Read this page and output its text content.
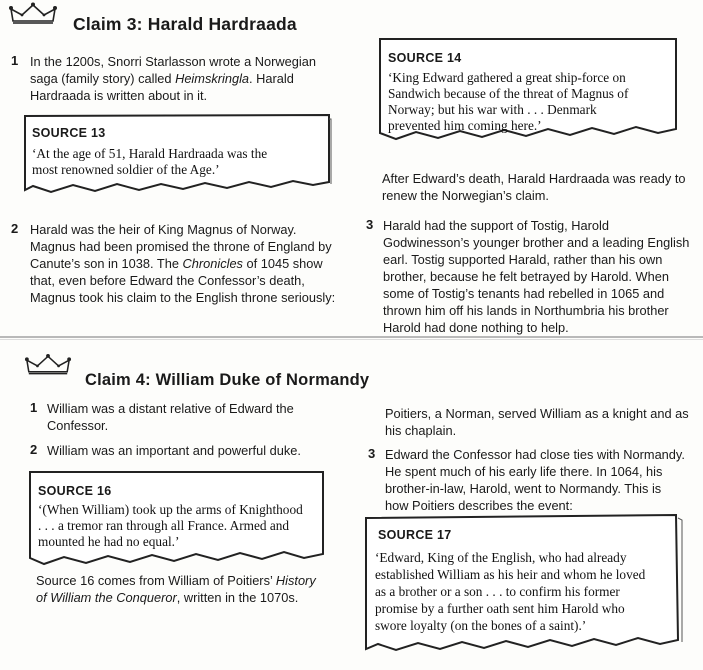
Claim 3: Harald Hardraada
1 In the 1200s, Snorri Starlasson wrote a Norwegian
saga (family story) called Heimskringla. Harald
Hardraada is written about in it.
SOURCE 13
‘At the age of 51, Harald Hardraada was the
most renowned soldier of the Age.’
2 Harald was the heir of King Magnus of Norway.
Magnus had been promised the throne of England by
Canute’s son in 1038. The Chronicles of 1045 show
that, even before Edward the Confessor’s death,
Magnus took his claim to the English throne seriously:
SOURCE 14
‘King Edward gathered a great ship-force on
Sandwich because of the threat of Magnus of
Norway; but his war with . . . Denmark
prevented him coming here.’
After Edward’s death, Harald Hardraada was ready to
renew the Norwegian’s claim.
3 Harald had the support of Tostig, Harold
Godwinesson’s younger brother and a leading English
earl. Tostig supported Harald, rather than his own
brother, because he felt betrayed by Harold. When
some of Tostig’s tenants had rebelled in 1065 and
thrown him off his lands in Northumbria his brother
Harold had done nothing to help.
Claim 4: William Duke of Normandy
1 William was a distant relative of Edward the
Confessor.
2 William was an important and powerful duke.
SOURCE 16
‘(When William) took up the arms of Knighthood
. . . a tremor ran through all France. Armed and
mounted he had no equal.’
Source 16 comes from William of Poitiers’ History
of William the Conqueror, written in the 1070s.
Poitiers, a Norman, served William as a knight and as
his chaplain.
3 Edward the Confessor had close ties with Normandy.
He spent much of his early life there. In 1064, his
brother-in-law, Harold, went to Normandy. This is
how Poitiers describes the event:
SOURCE 17
‘Edward, King of the English, who had already
established William as his heir and whom he loved
as a brother or a son . . . to confirm his former
promise by a further oath sent him Harold who
swore loyalty (on the bones of a saint).’
